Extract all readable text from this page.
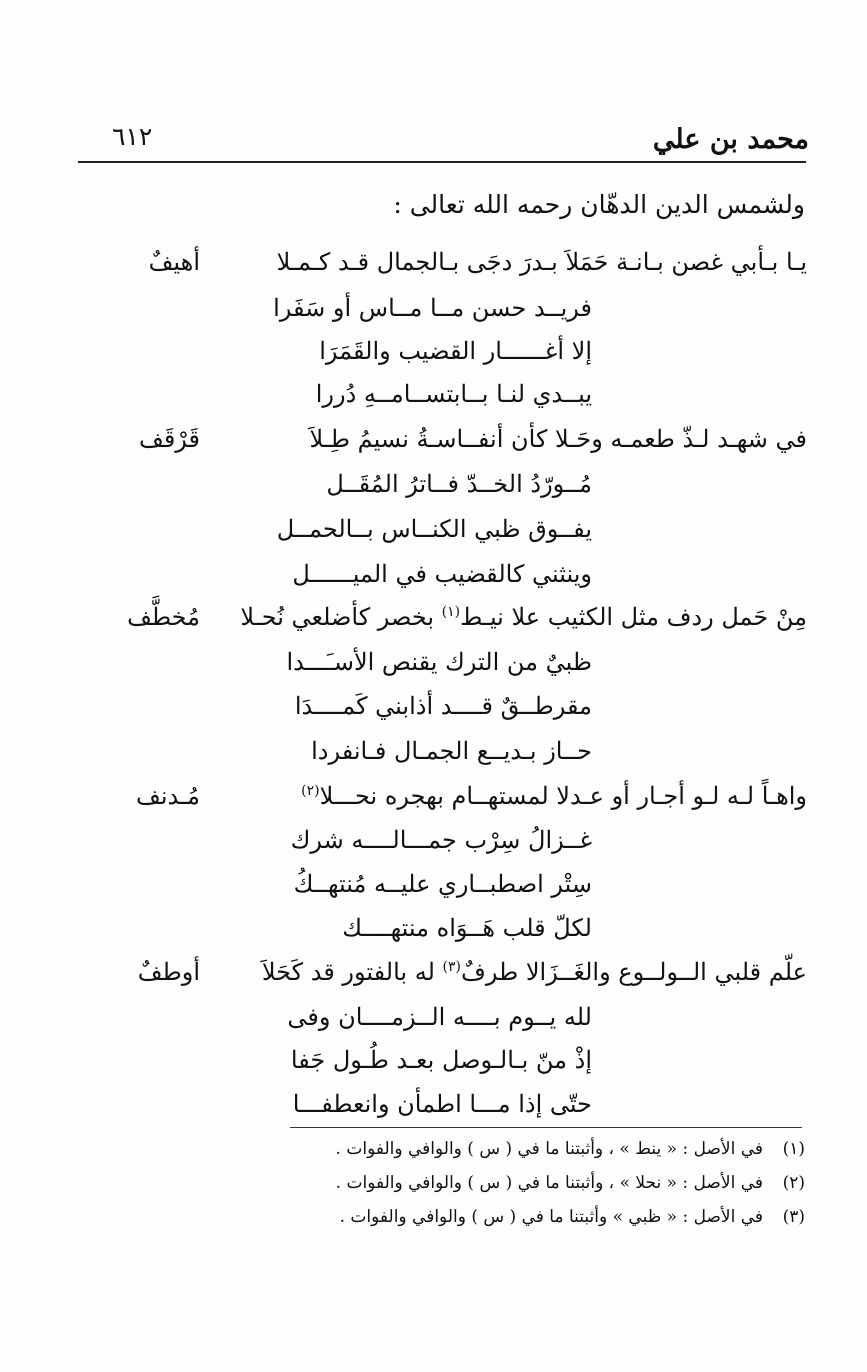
محمد بن علي
٦١٢
ولشمس الدين الدهّان رحمه الله تعالى :
يـا بـأبي غصن بـانـة حَمَلاَ بـدرَ دجَى بـالجمال قـد كـمـلا
أهيفٌ
فريــد حسن مــا مــاس أو سَفَرا
إلا أغــــــار القضيب والقَمَرَا
يبــدي لنـا بــابتســامــهِ دُررا
في شهـد لـذّ طعمـه وحَـلا كأن أنفــاسـةُ نسيمُ طِـلاَ
قَرْقَف
مُــورّدُ الخــدّ فــاترُ المُقَــل
يفــوق ظبي الكنــاس بــالحمــل
وينثني كالقضيب في الميــــــل
مِنْ حَمل ردف مثل الكثيب علا نيـط$^{(١)}$ بخصر كأضلعي نُحـلا
مُخطَّف
ظبيٌ من الترك يقنص الأسـَـــدا
مقرطــقٌ قــــد أذابني كَمــــدَا
حــاز بـديــع الجمـال فـانفردا
واهـاً لـه لـو أجـار أو عـدلا لمستهــام بهجره نحـــلا$^{(٢)}$
مُـدنف
غــزالُ سِرْب جمـــالــــه شرك
سِتْر اصطبــاري عليــه مُنتهــكُ
لكلّ قلب هَــوَاه منتهــــك
علّم قلبي الــولــوع والغَــزَالا طرفٌ$^{(٣)}$ له بالفتور قد كَحَلاَ
أوطفٌ
لله يــوم بــــه الــزمــــان وفى
إذْ منّ بـالـوصل بعـد طُـول جَفا
حتّى إذا مـــا اطمأن وانعطفـــا
(١)في الأصل : « ينط » ، وأثبتنا ما في ( س ) والوافي والفوات .
(٢)في الأصل : « نحلا » ، وأثبتنا ما في ( س ) والوافي والفوات .
(٣)في الأصل : « ظبي » وأثبتنا ما في ( س ) والوافي والفوات .
